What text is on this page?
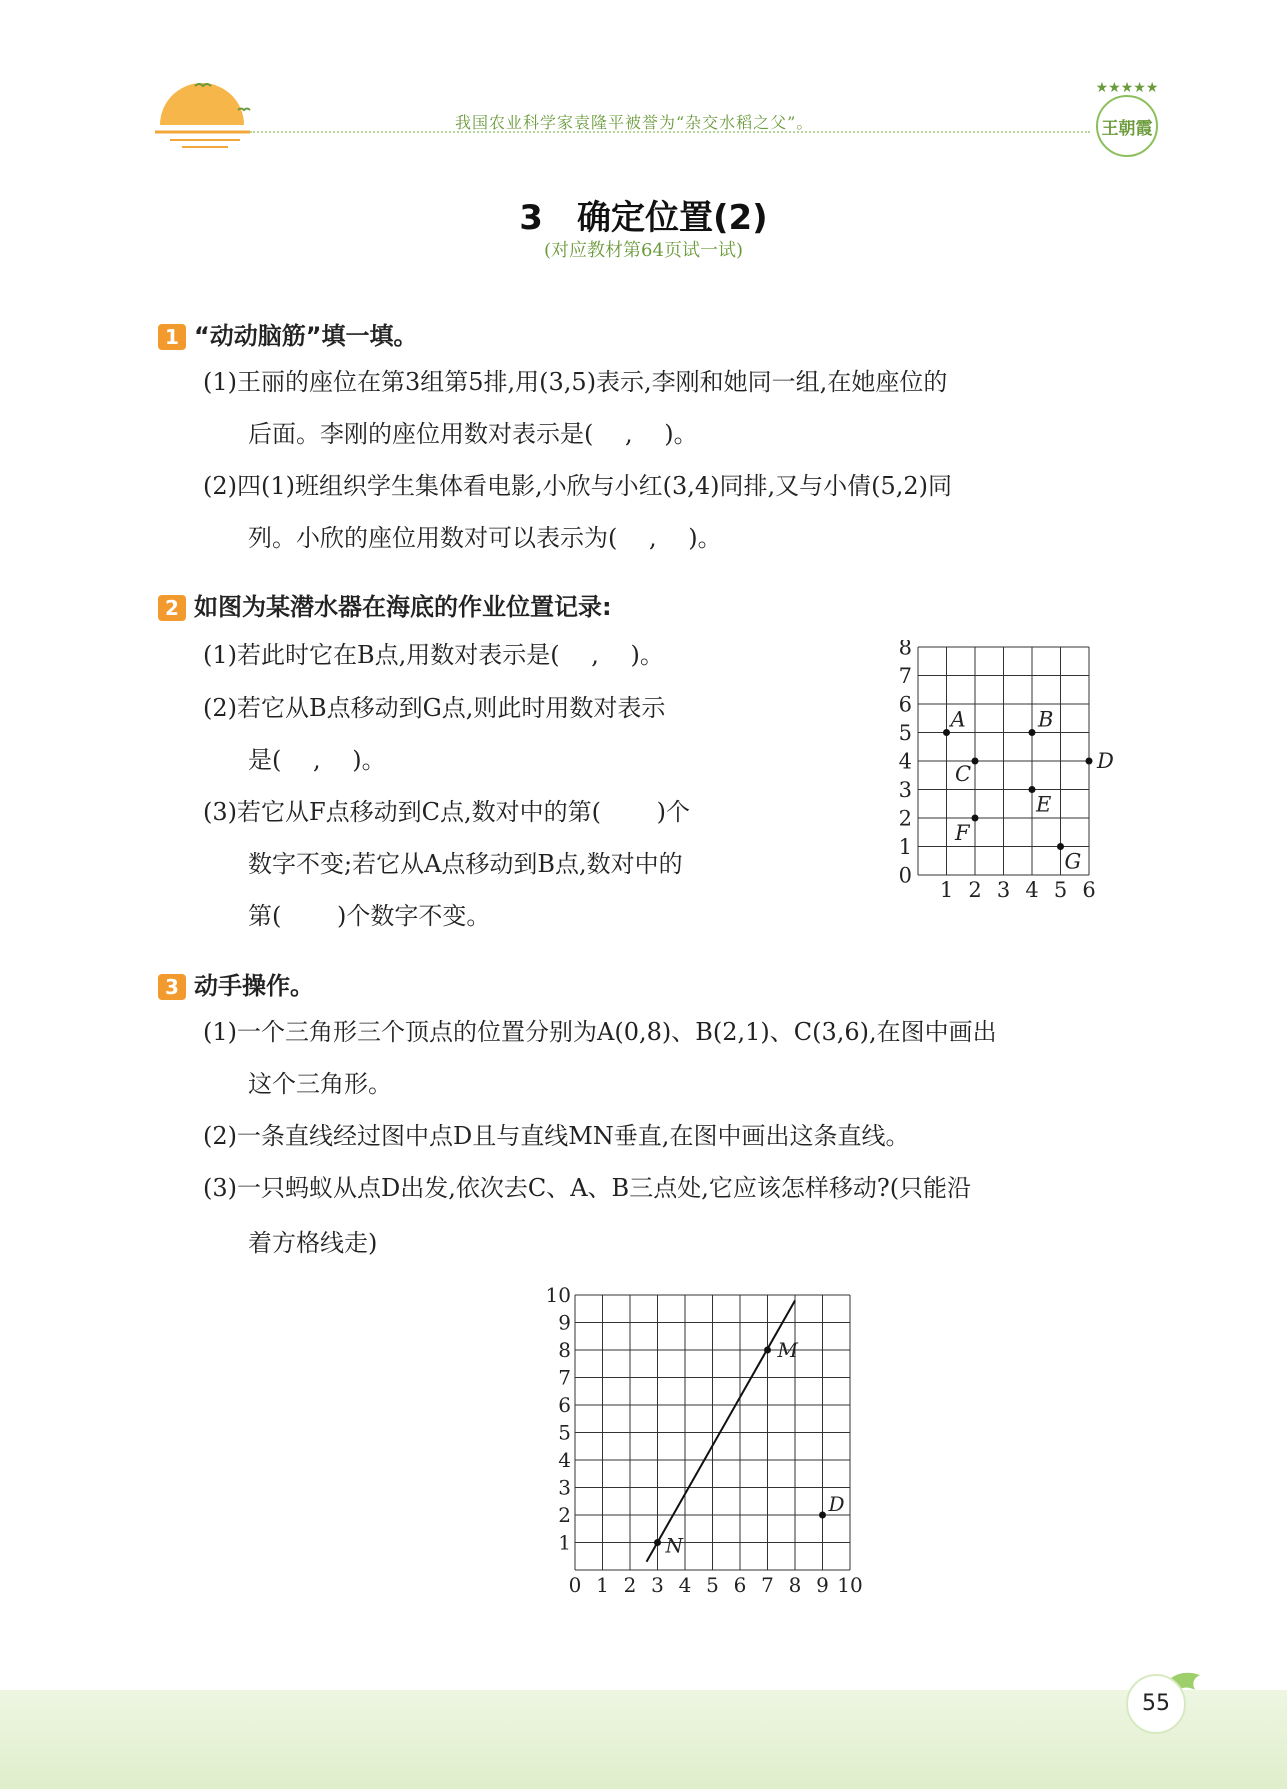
我国农业科学家袁隆平被誉为“杂交水稻之父”。
★★★★★
王朝霞
3　确定位置(2)
(对应教材第64页试一试)
1 “动动脑筋”填一填。
(1)王丽的座位在第3组第5排,用(3,5)表示,李刚和她同一组,在她座位的
后面。李刚的座位用数对表示是(　 ,　 )。
(2)四(1)班组织学生集体看电影,小欣与小红(3,4)同排,又与小倩(5,2)同
列。小欣的座位用数对可以表示为(　 ,　 )。
2 如图为某潜水器在海底的作业位置记录:
(1)若此时它在B点,用数对表示是(　 ,　 )。
(2)若它从B点移动到G点,则此时用数对表示
是(　 ,　 )。
(3)若它从F点移动到C点,数对中的第(　　 )个
数字不变;若它从A点移动到B点,数对中的
第(　　 )个数字不变。
1 2 3 4 5 6
0
1
2
3
4
5
6
7
8
A	B
C
D
E
F
G
3 动手操作。
(1)一个三角形三个顶点的位置分别为A(0,8)、B(2,1)、C(3,6),在图中画出
这个三角形。
(2)一条直线经过图中点D且与直线MN垂直,在图中画出这条直线。
(3)一只蚂蚁从点D出发,依次去C、A、B三点处,它应该怎样移动?(只能沿
着方格线走)
0 1 2 3 4 5 6 7 8 9 10
1
2
3
4
5
6
7
8
9
10
M
N
D
55
